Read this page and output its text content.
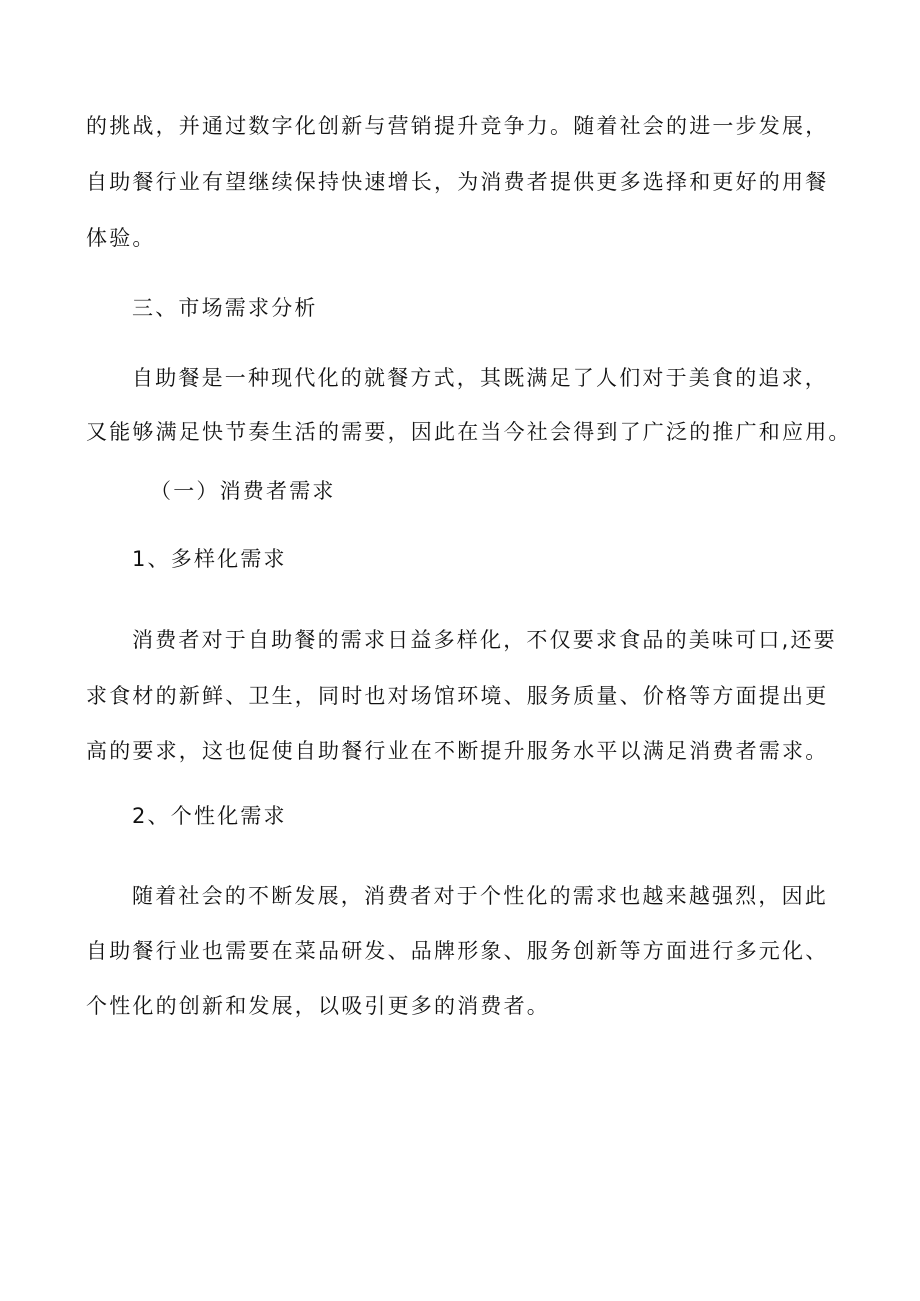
的挑战，并通过数字化创新与营销提升竞争力。随着社会的进一步发展，
自助餐行业有望继续保持快速增长，为消费者提供更多选择和更好的用餐
体验。
三、市场需求分析
自助餐是一种现代化的就餐方式，其既满足了人们对于美食的追求，
又能够满足快节奏生活的需要，因此在当今社会得到了广泛的推广和应用。
（一）消费者需求
1、多样化需求
消费者对于自助餐的需求日益多样化，不仅要求食品的美味可口,还要
求食材的新鲜、卫生，同时也对场馆环境、服务质量、价格等方面提出更
高的要求，这也促使自助餐行业在不断提升服务水平以满足消费者需求。
2、个性化需求
随着社会的不断发展，消费者对于个性化的需求也越来越强烈，因此
自助餐行业也需要在菜品研发、品牌形象、服务创新等方面进行多元化、
个性化的创新和发展，以吸引更多的消费者。
